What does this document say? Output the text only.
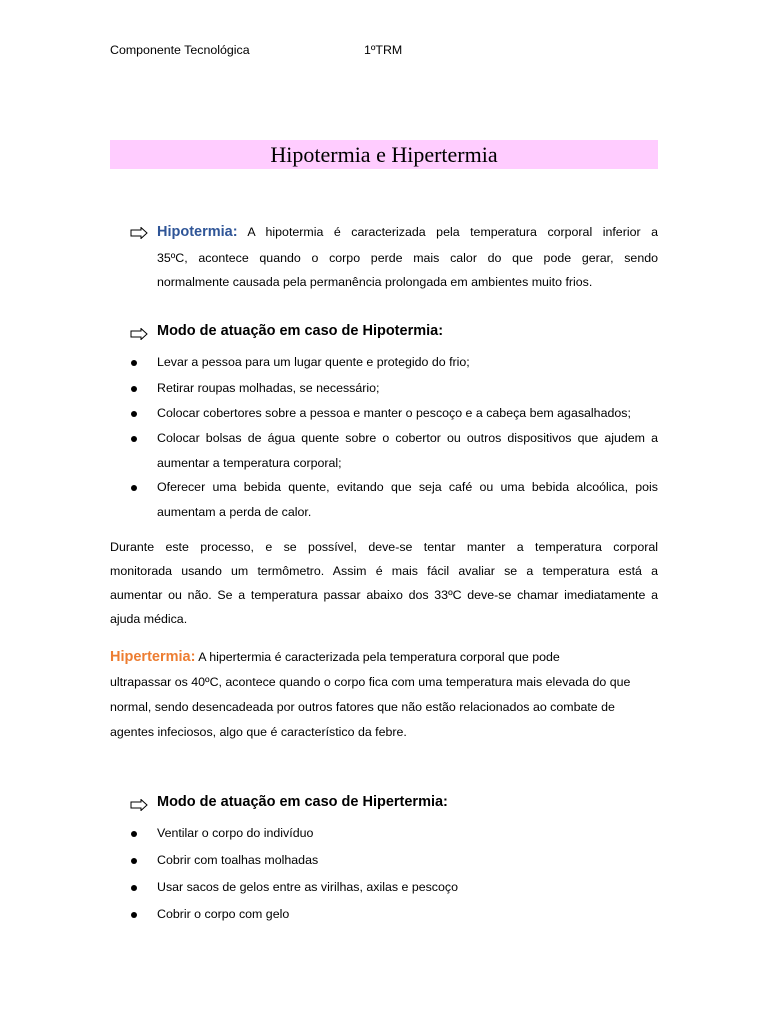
Componente Tecnológica	1ºTRM
Hipotermia e Hipertermia
Hipotermia: A hipotermia é caracterizada pela temperatura corporal inferior a
35ºC, acontece quando o corpo perde mais calor do que pode gerar, sendo
normalmente causada pela permanência prolongada em ambientes muito frios.
Modo de atuação em caso de Hipotermia:
Levar a pessoa para um lugar quente e protegido do frio;
Retirar roupas molhadas, se necessário;
Colocar cobertores sobre a pessoa e manter o pescoço e a cabeça bem agasalhados;
Colocar bolsas de água quente sobre o cobertor ou outros dispositivos que ajudem a
aumentar a temperatura corporal;
Oferecer uma bebida quente, evitando que seja café ou uma bebida alcoólica, pois
aumentam a perda de calor.
Durante este processo, e se possível, deve-se tentar manter a temperatura corporal
monitorada usando um termômetro. Assim é mais fácil avaliar se a temperatura está a
aumentar ou não. Se a temperatura passar abaixo dos 33ºC deve-se chamar imediatamente a
ajuda médica.
Hipertermia: A hipertermia é caracterizada pela temperatura corporal que pode
ultrapassar os 40ºC, acontece quando o corpo fica com uma temperatura mais elevada do que
normal, sendo desencadeada por outros fatores que não estão relacionados ao combate de
agentes infeciosos, algo que é característico da febre.
Modo de atuação em caso de Hipertermia:
Ventilar o corpo do indivíduo
Cobrir com toalhas molhadas
Usar sacos de gelos entre as virilhas, axilas e pescoço
Cobrir o corpo com gelo
